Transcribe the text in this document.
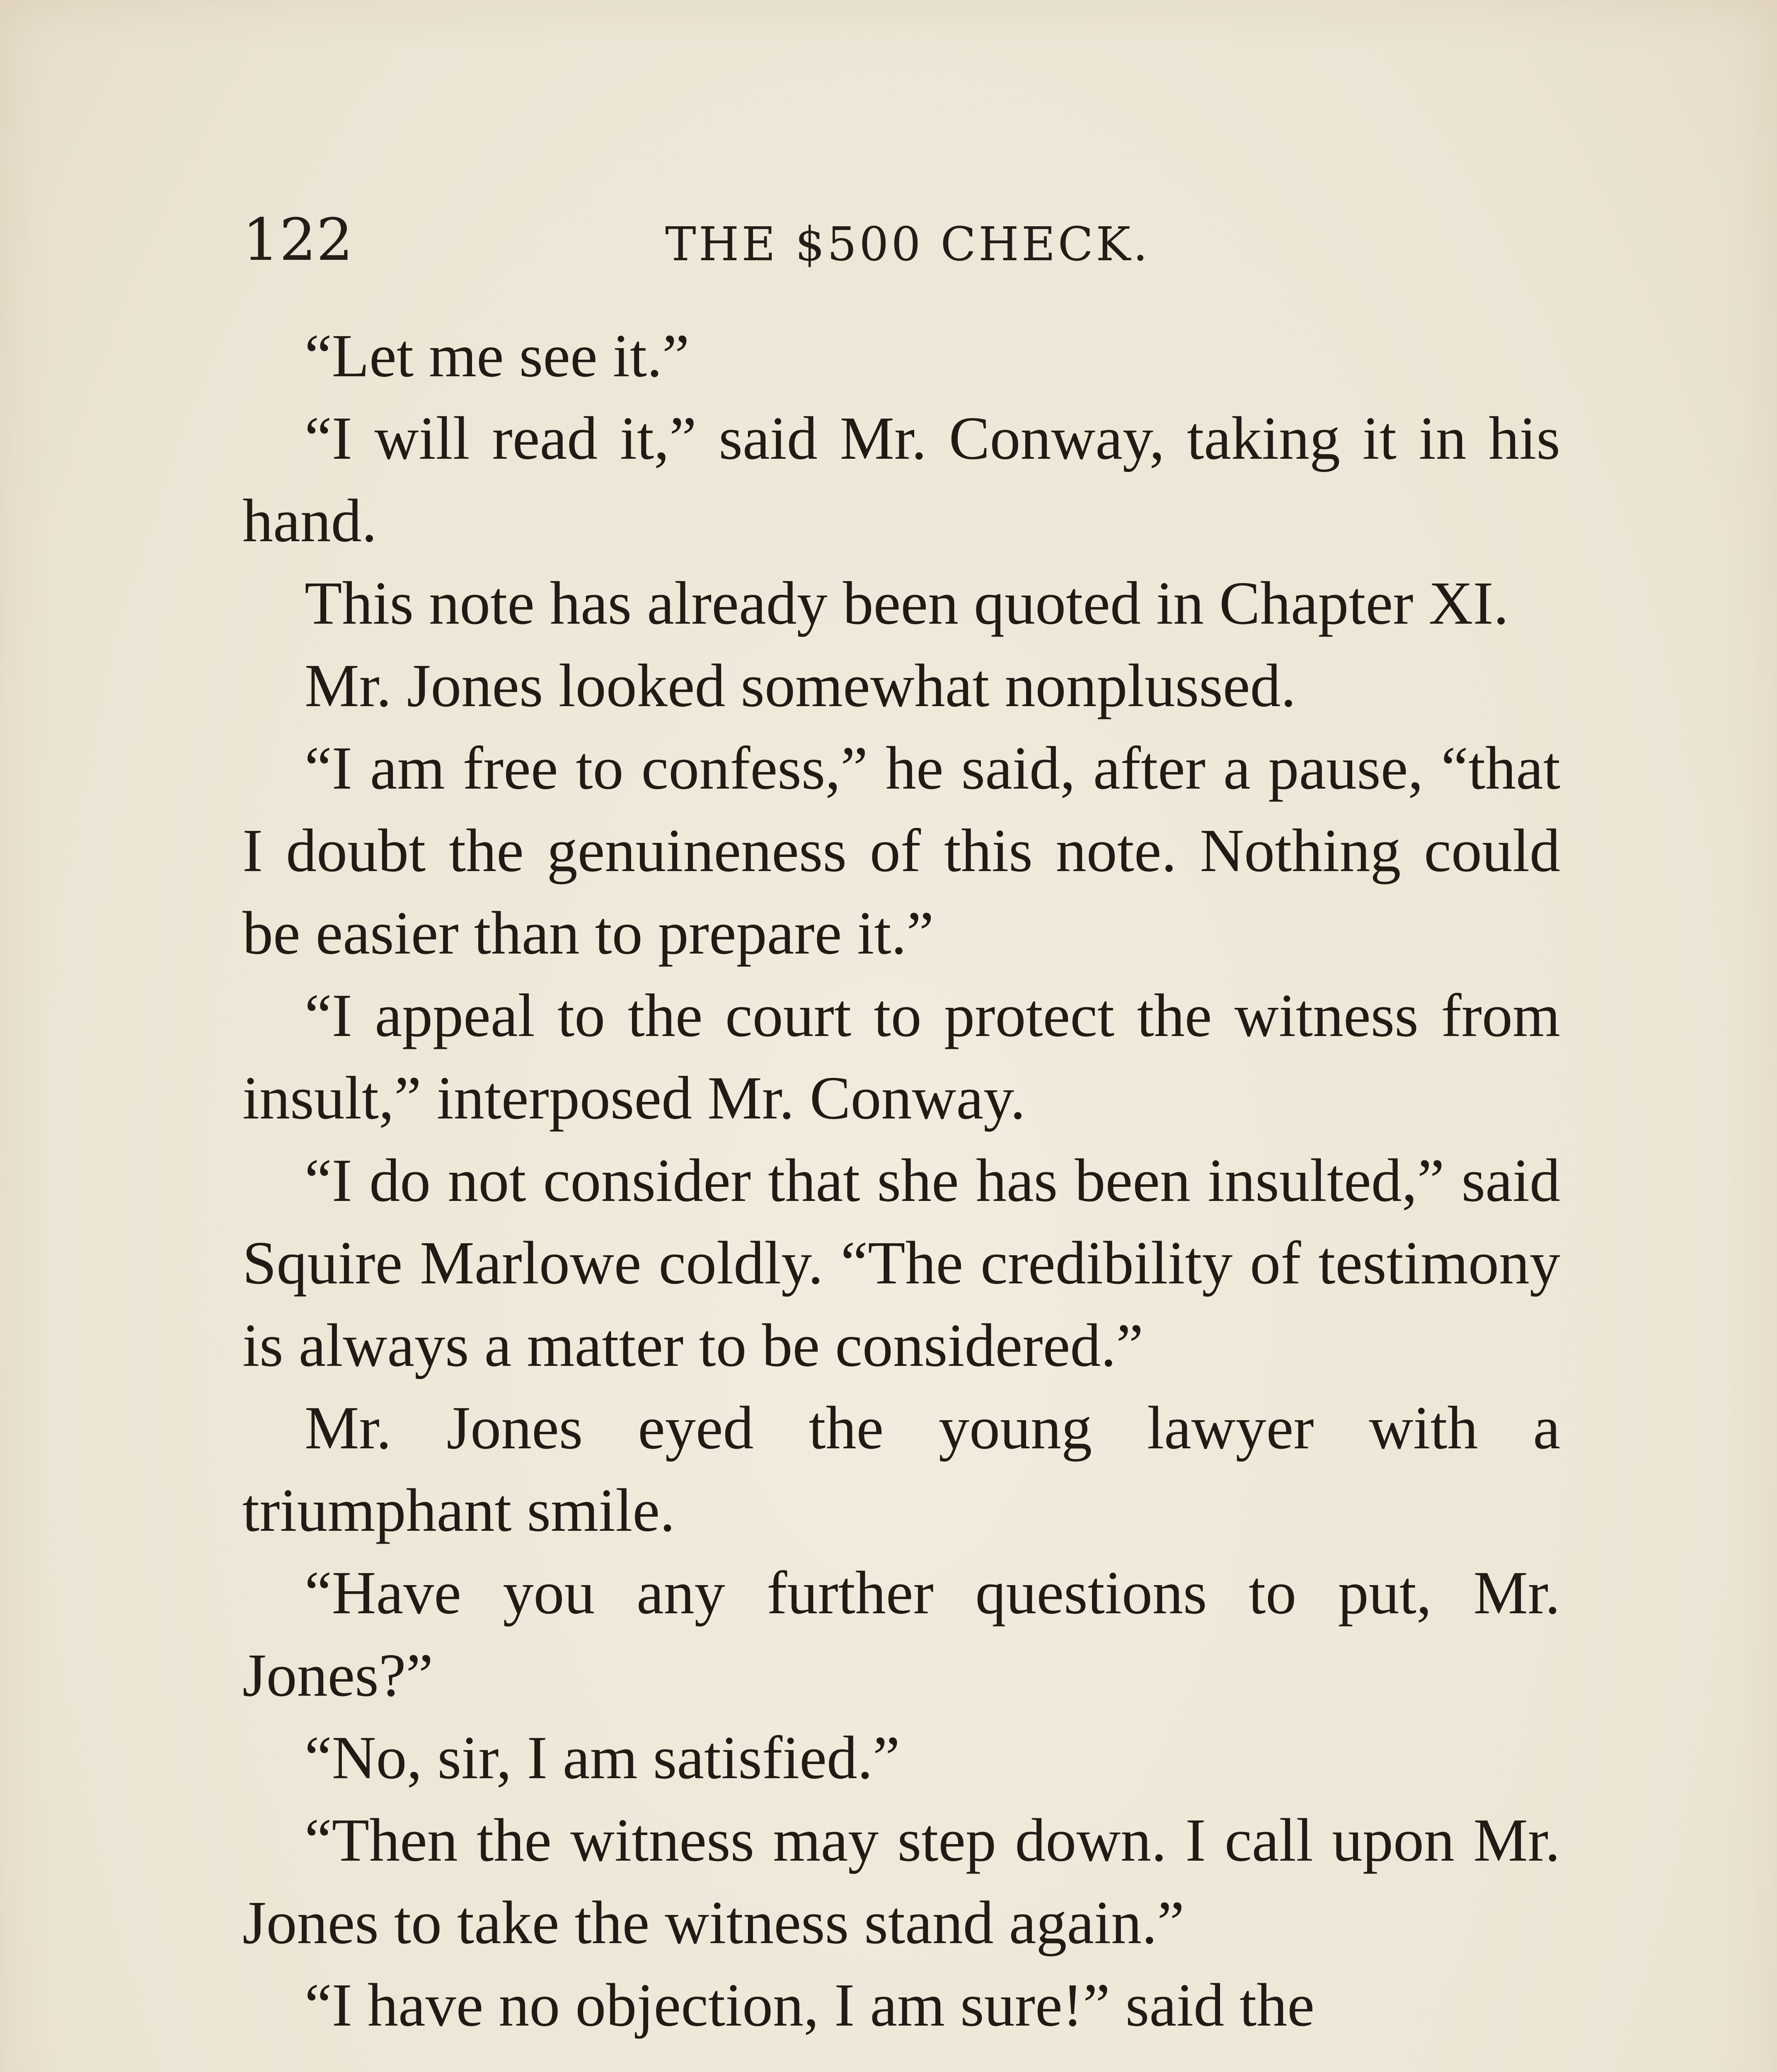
122	THE $500 CHECK.

“Let me see it.”

“I will read it,” said Mr. Conway, taking it in his hand.

This note has already been quoted in Chapter XI.

Mr. Jones looked somewhat nonplussed.

“I am free to confess,” he said, after a pause, “that I doubt the genuineness of this note. Nothing could be easier than to prepare it.”

“I appeal to the court to protect the witness from insult,” interposed Mr. Conway.

“I do not consider that she has been insulted,” said Squire Marlowe coldly. “The credibility of testimony is always a matter to be considered.”

Mr. Jones eyed the young lawyer with a triumphant smile.

“Have you any further questions to put, Mr. Jones?”

“No, sir, I am satisfied.”

“Then the witness may step down. I call upon Mr. Jones to take the witness stand again.”

“I have no objection, I am sure!” said the
